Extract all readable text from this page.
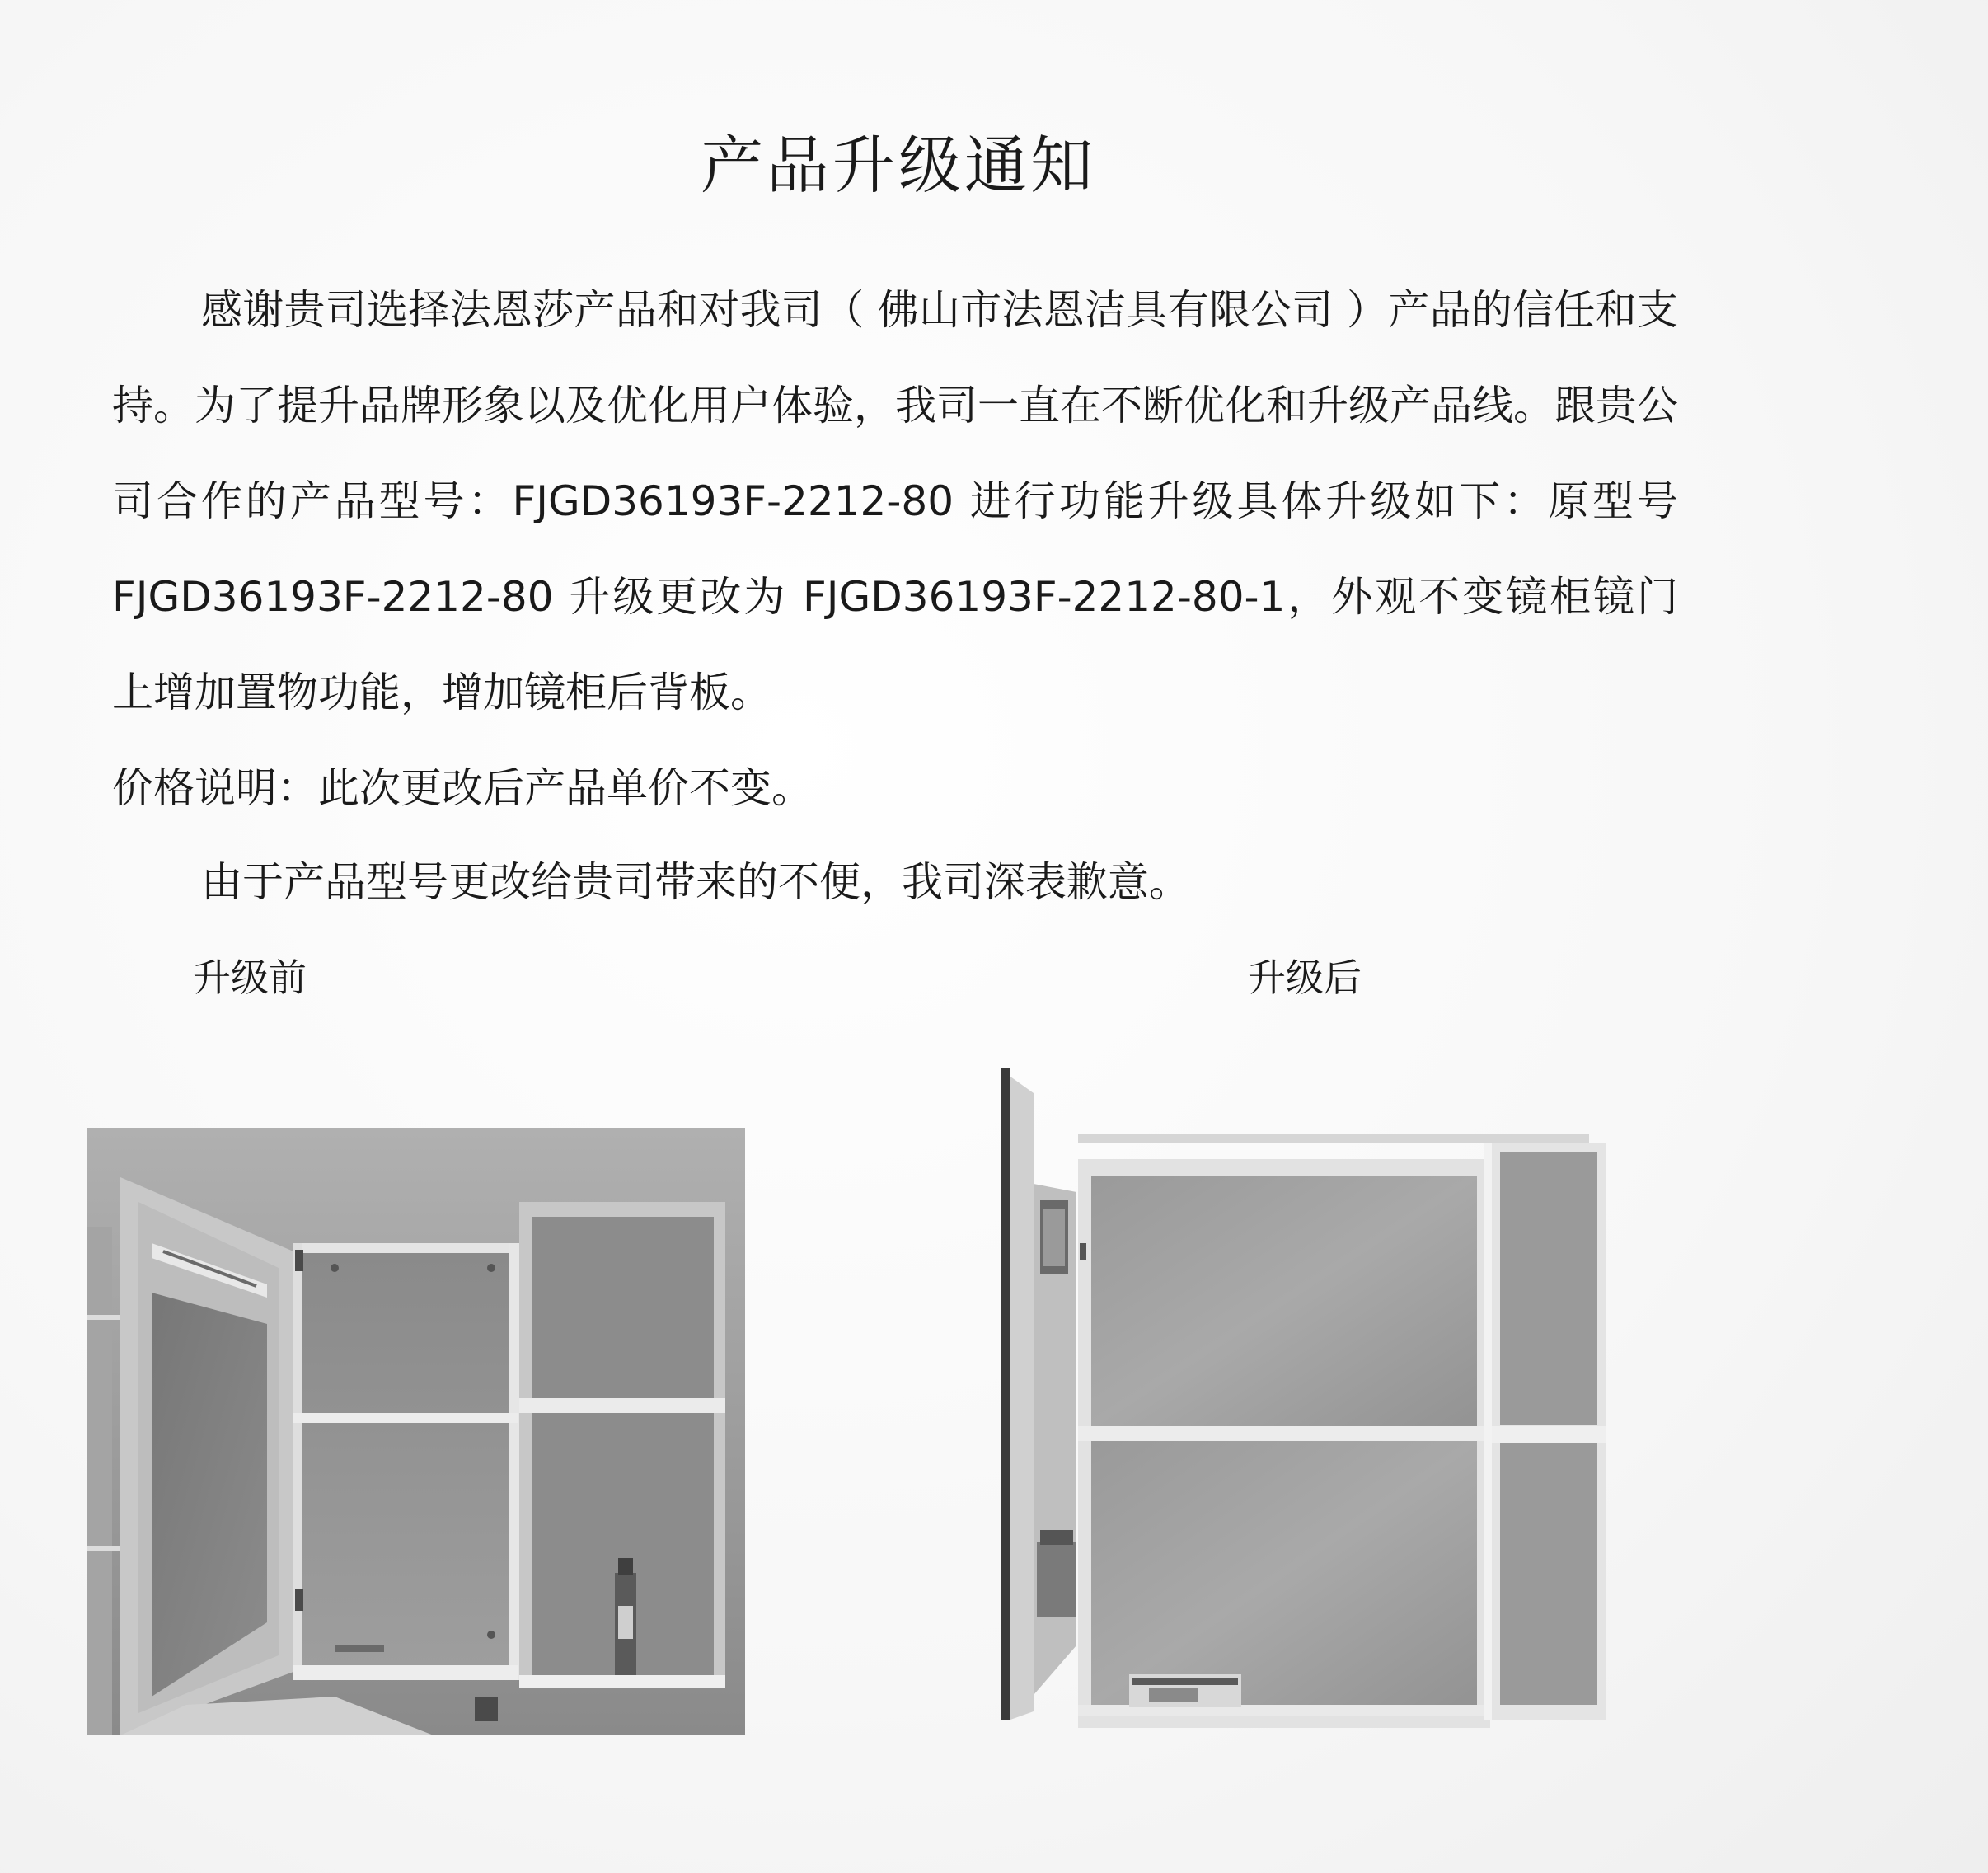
产品升级通知

感谢贵司选择法恩莎产品和对我司（ 佛山市法恩洁具有限公司 ）产品的信任和支持。为了提升品牌形象以及优化用户体验，我司一直在不断优化和升级产品线。跟贵公司合作的产品型号：FJGD36193F-2212-80 进行功能升级具体升级如下：原型号 FJGD36193F-2212-80 升级更改为 FJGD36193F-2212-80-1，外观不变镜柜镜门上增加置物功能，增加镜柜后背板。

价格说明：此次更改后产品单价不变。

由于产品型号更改给贵司带来的不便，我司深表歉意。

升级前	升级后
